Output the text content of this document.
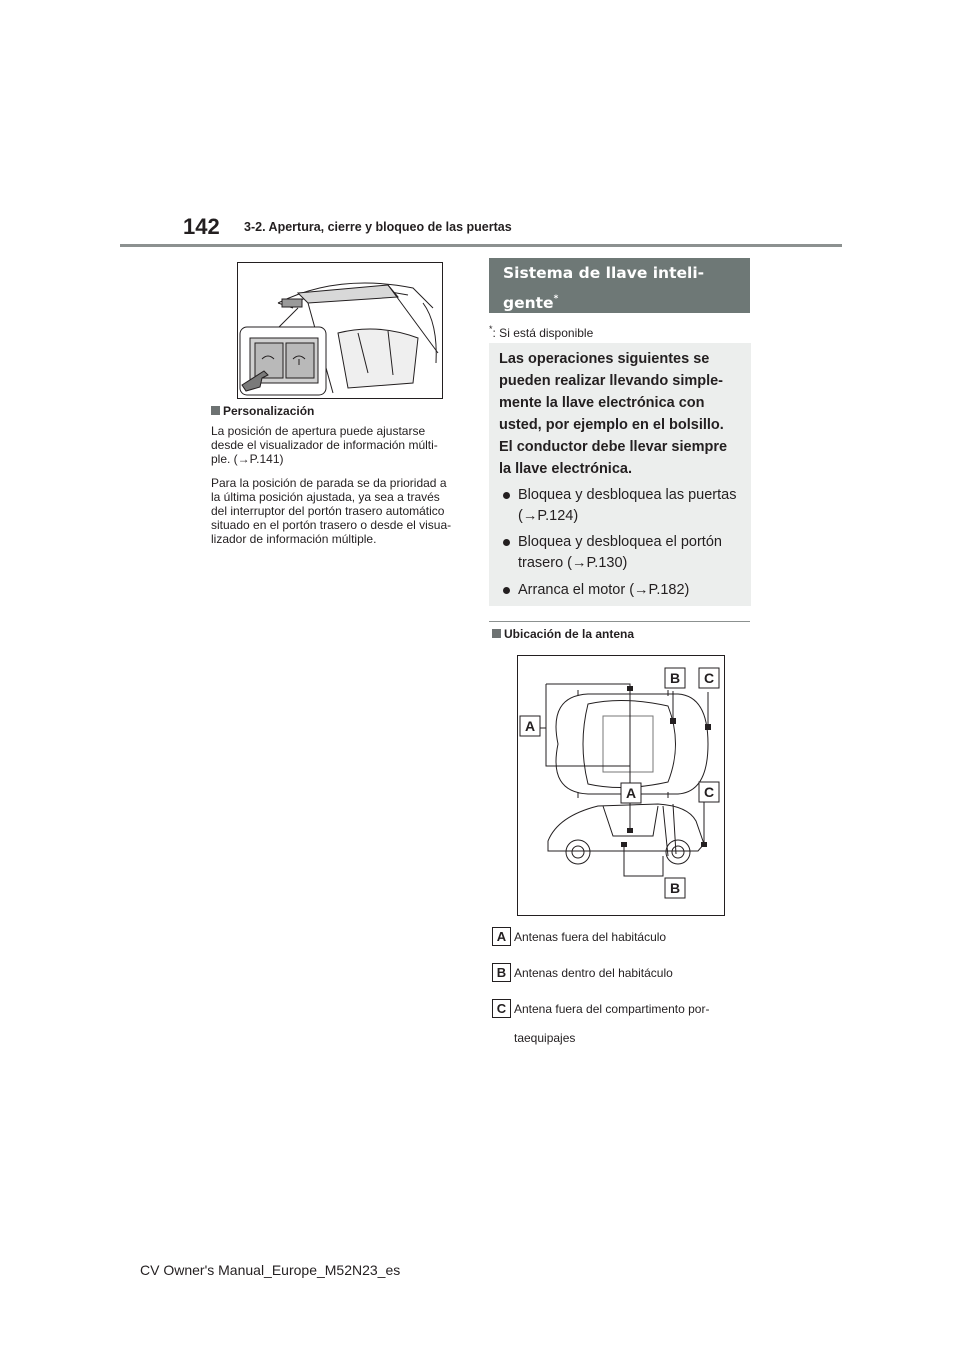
142 3-2. Apertura, cierre y bloqueo de las puertas
Personalización
La posición de apertura puede ajustarse
desde el visualizador de información múlti-
ple. (→P.141)
Para la posición de parada se da prioridad a
la última posición ajustada, ya sea a través
del interruptor del portón trasero automático
situado en el portón trasero o desde el visua-
lizador de información múltiple.
Sistema de llave inteli-
gente*
*: Si está disponible
Las operaciones siguientes se
pueden realizar llevando simple-
mente la llave electrónica con
usted, por ejemplo en el bolsillo.
El conductor debe llevar siempre
la llave electrónica.
Bloquea y desbloquea las puertas
(→P.124)
Bloquea y desbloquea el portón
trasero (→P.130)
Arranca el motor (→P.182)
Ubicación de la antena
A
B C
A	C
B
A Antenas fuera del habitáculo
B Antenas dentro del habitáculo
C Antena fuera del compartimento por-
taequipajes
CV Owner's Manual_Europe_M52N23_es
